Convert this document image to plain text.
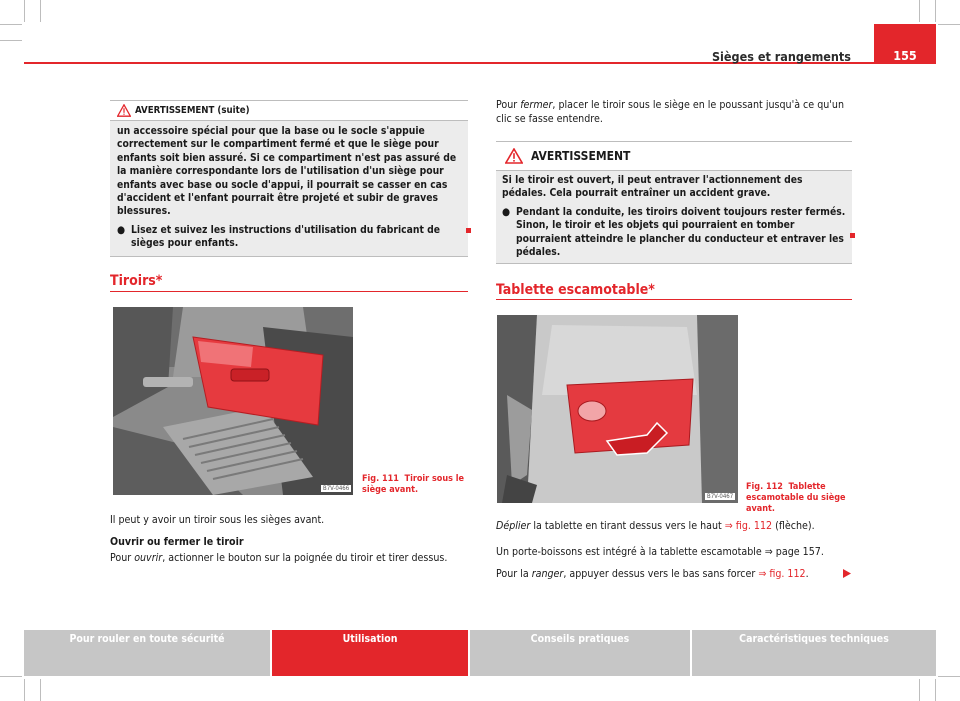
Sièges et rangements	155
AVERTISSEMENT (suite)

un accessoire spécial pour que la base ou le socle s'appuie correctement sur le compartiment fermé et que le siège pour enfants soit bien assuré. Si ce compartiment n'est pas assuré de la manière correspondante lors de l'utilisation d'un siège pour enfants avec base ou socle d'appui, il pourrait se casser en cas d'accident et l'enfant pourrait être projeté et subir de graves blessures.

● Lisez et suivez les instructions d'utilisation du fabricant de sièges pour enfants.
Tiroirs*
B7V-0466
Fig. 111 Tiroir sous le siège avant.
Il peut y avoir un tiroir sous les sièges avant.
Ouvrir ou fermer le tiroir
Pour ouvrir, actionner le bouton sur la poignée du tiroir et tirer dessus.
Pour fermer, placer le tiroir sous le siège en le poussant jusqu'à ce qu'un clic se fasse entendre.
AVERTISSEMENT

Si le tiroir est ouvert, il peut entraver l'actionnement des pédales. Cela pourrait entraîner un accident grave.

● Pendant la conduite, les tiroirs doivent toujours rester fermés. Sinon, le tiroir et les objets qui pourraient en tomber pourraient atteindre le plancher du conducteur et entraver les pédales.
Tablette escamotable*
B7V-0467
Fig. 112 Tablette escamotable du siège avant.
Déplier la tablette en tirant dessus vers le haut ⇒ fig. 112 (flèche).
Un porte-boissons est intégré à la tablette escamotable ⇒ page 157.
Pour la ranger, appuyer dessus vers le bas sans forcer ⇒ fig. 112.
Pour rouler en toute sécurité	Utilisation	Conseils pratiques	Caractéristiques techniques
